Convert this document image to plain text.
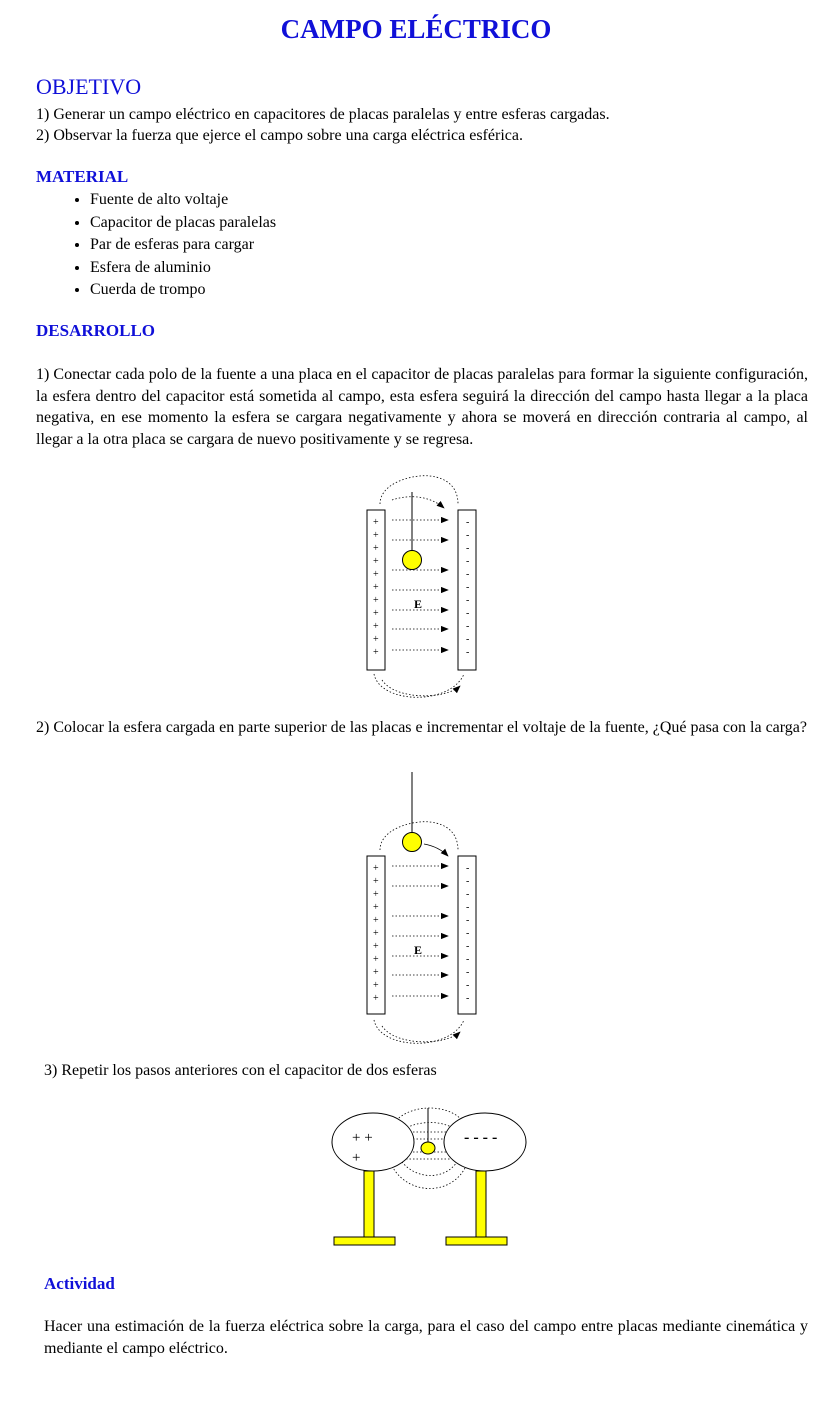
CAMPO ELÉCTRICO
OBJETIVO
1) Generar un campo eléctrico en capacitores de placas paralelas y entre esferas cargadas.
2) Observar la fuerza que ejerce el campo sobre una carga eléctrica esférica.
MATERIAL
• Fuente de alto voltaje
• Capacitor de placas paralelas
• Par de esferas para cargar
• Esfera de aluminio
• Cuerda de trompo
DESARROLLO
1) Conectar cada polo de la fuente a una placa en el capacitor de placas paralelas para formar la siguiente configuración, la esfera dentro del capacitor está sometida al campo, esta esfera seguirá la dirección del campo hasta llegar a la placa negativa, en ese momento la esfera se cargara negativamente y ahora se moverá en dirección contraria al campo, al llegar a la otra placa se cargara de nuevo positivamente y se regresa.
+
+
+
+
+
+
+
+
+
+
+
-
-
-
-
-
-
-
-
-
-
-
E
2) Colocar la esfera cargada en parte superior de las placas e incrementar el voltaje de la fuente, ¿Qué pasa con la carga?
+
+
+
+
+
+
+
+
+
+
+
-
-
-
-
-
-
-
-
-
-
-
E
3) Repetir los pasos anteriores con el capacitor de dos esferas
+ +
+
- - - -
Actividad
Hacer una estimación de la fuerza eléctrica sobre la carga, para el caso del campo entre placas mediante cinemática y mediante el campo eléctrico.
